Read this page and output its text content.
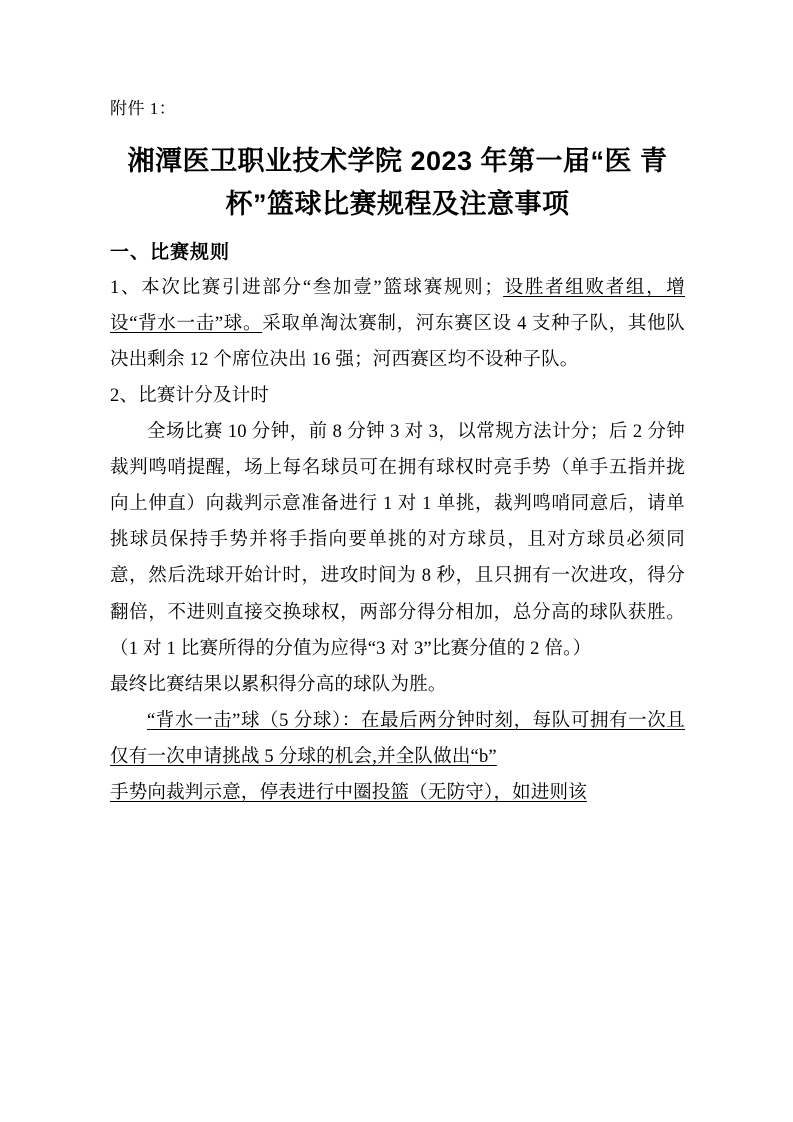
附件 1：

湘潭医卫职业技术学院 2023 年第一届“医 青杯”篮球比赛规程及注意事项
一、比赛规则

1、本次比赛引进部分“叁加壹”篮球赛规则；设胜者组败者组，增设“背水一击”球。采取单淘汰赛制，河东赛区设 4 支种子队，其他队决出剩余 12 个席位决出 16 强；河西赛区均不设种子队。

2、比赛计分及计时

全场比赛 10 分钟，前 8 分钟 3 对 3，以常规方法计分；后 2 分钟裁判鸣哨提醒，场上每名球员可在拥有球权时亮手势（单手五指并拢向上伸直）向裁判示意准备进行 1 对 1 单挑，裁判鸣哨同意后，请单挑球员保持手势并将手指向要单挑的对方球员，且对方球员必须同意，然后洗球开始计时，进攻时间为 8 秒，且只拥有一次进攻，得分翻倍，不进则直接交换球权，两部分得分相加，总分高的球队获胜。（1 对 1 比赛所得的分值为应得“3 对 3”比赛分值的 2 倍。）

最终比赛结果以累积得分高的球队为胜。

“背水一击”球（5 分球）：在最后两分钟时刻，每队可拥有一次且仅有一次申请挑战 5 分球的机会,并全队做出“b”

手势向裁判示意，停表进行中圈投篮（无防守），如进则该
